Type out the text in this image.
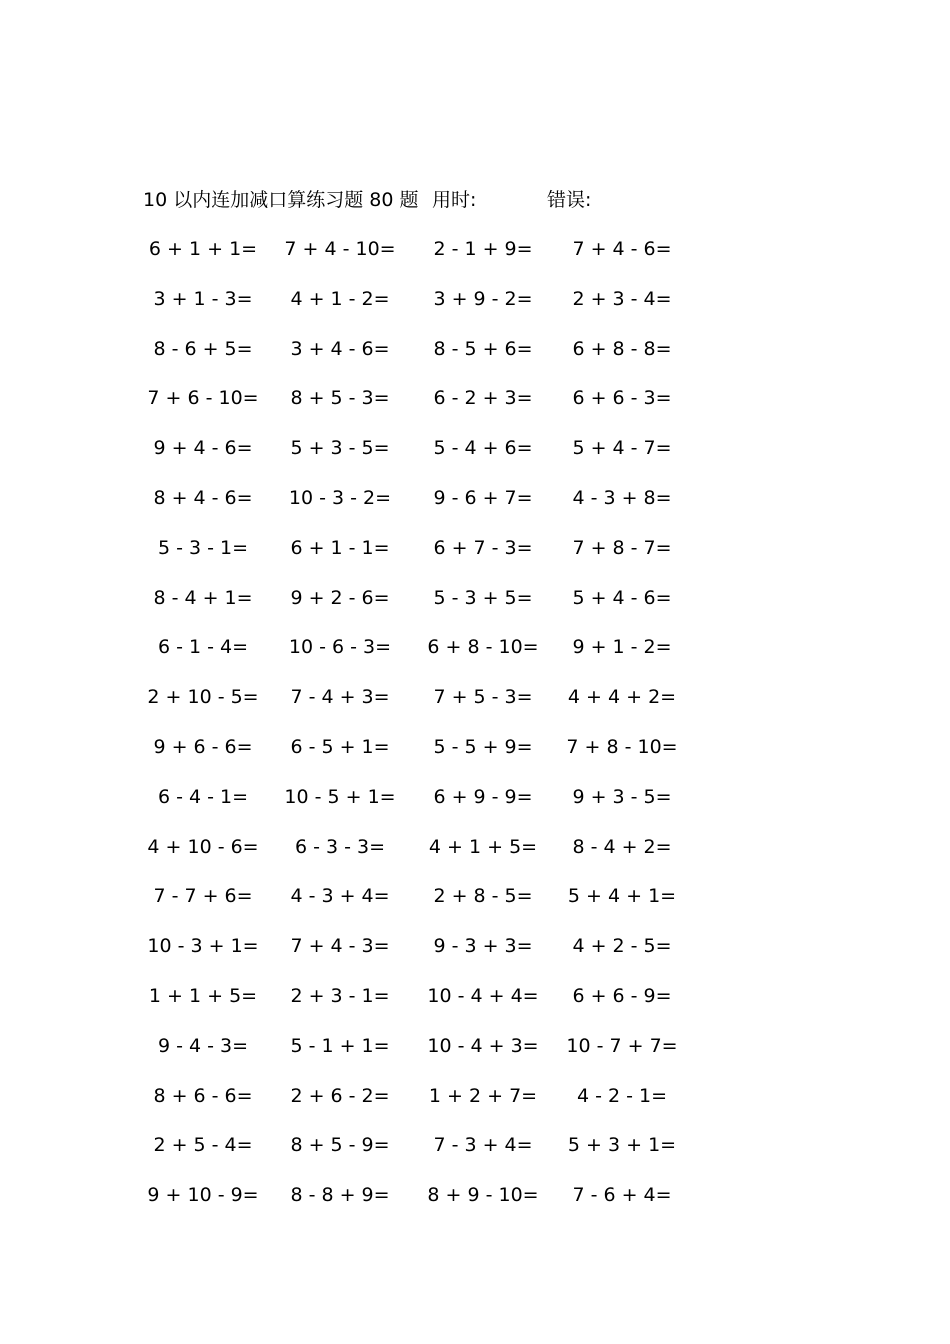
10 以内连加减口算练习题 80 题 用时:	错误:
6 + 1 + 1=	7 + 4 - 10=	2 - 1 + 9=	7 + 4 - 6=
3 + 1 - 3=	4 + 1 - 2=	3 + 9 - 2=	2 + 3 - 4=
8 - 6 + 5=	3 + 4 - 6=	8 - 5 + 6=	6 + 8 - 8=
7 + 6 - 10=	8 + 5 - 3=	6 - 2 + 3=	6 + 6 - 3=
9 + 4 - 6=	5 + 3 - 5=	5 - 4 + 6=	5 + 4 - 7=
8 + 4 - 6=	10 - 3 - 2=	9 - 6 + 7=	4 - 3 + 8=
5 - 3 - 1=	6 + 1 - 1=	6 + 7 - 3=	7 + 8 - 7=
8 - 4 + 1=	9 + 2 - 6=	5 - 3 + 5=	5 + 4 - 6=
6 - 1 - 4=	10 - 6 - 3=	6 + 8 - 10=	9 + 1 - 2=
2 + 10 - 5=	7 - 4 + 3=	7 + 5 - 3=	4 + 4 + 2=
9 + 6 - 6=	6 - 5 + 1=	5 - 5 + 9=	7 + 8 - 10=
6 - 4 - 1=	10 - 5 + 1=	6 + 9 - 9=	9 + 3 - 5=
4 + 10 - 6=	6 - 3 - 3=	4 + 1 + 5=	8 - 4 + 2=
7 - 7 + 6=	4 - 3 + 4=	2 + 8 - 5=	5 + 4 + 1=
10 - 3 + 1=	7 + 4 - 3=	9 - 3 + 3=	4 + 2 - 5=
1 + 1 + 5=	2 + 3 - 1=	10 - 4 + 4=	6 + 6 - 9=
9 - 4 - 3=	5 - 1 + 1=	10 - 4 + 3=	10 - 7 + 7=
8 + 6 - 6=	2 + 6 - 2=	1 + 2 + 7=	4 - 2 - 1=
2 + 5 - 4=	8 + 5 - 9=	7 - 3 + 4=	5 + 3 + 1=
9 + 10 - 9=	8 - 8 + 9=	8 + 9 - 10=	7 - 6 + 4=
